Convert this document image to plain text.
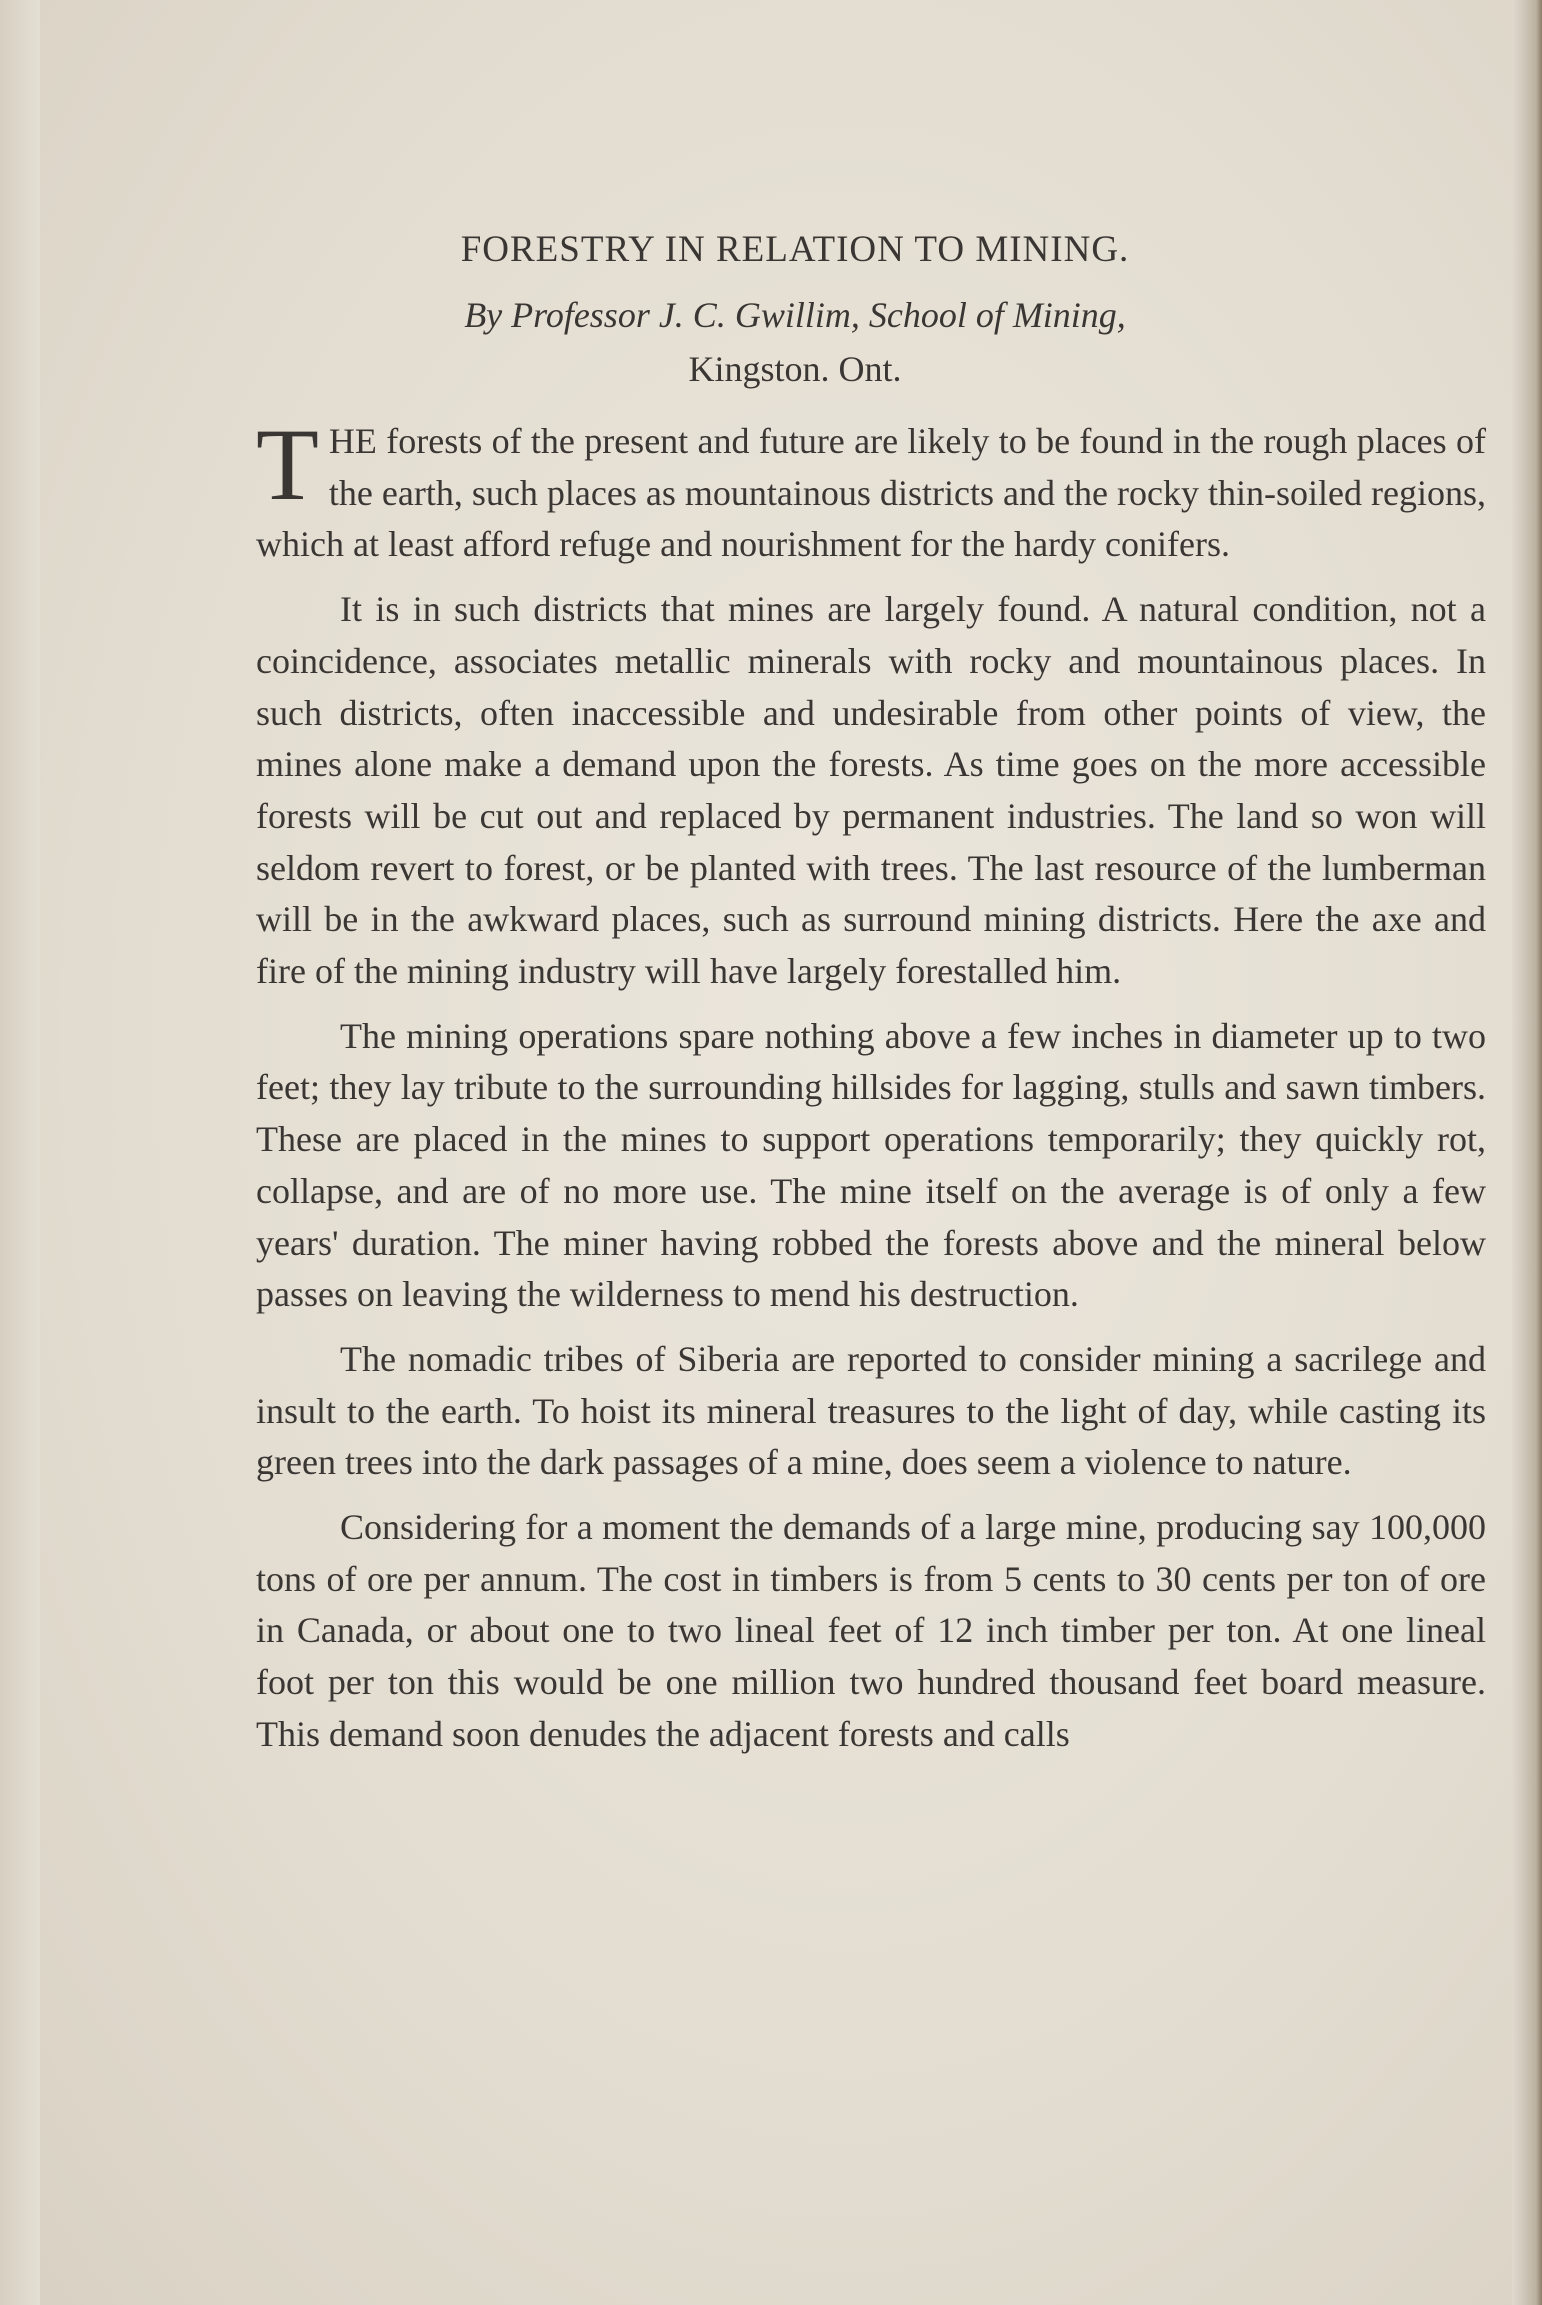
FORESTRY IN RELATION TO MINING.
By Professor J. C. Gwillim, School of Mining,
Kingston. Ont.

THE forests of the present and future are likely to be found in the rough places of the earth, such places as mountainous districts and the rocky thin-soiled regions, which at least afford refuge and nourishment for the hardy conifers.

It is in such districts that mines are largely found. A natural condition, not a coincidence, associates metallic minerals with rocky and mountainous places. In such districts, often inaccessible and undesirable from other points of view, the mines alone make a demand upon the forests. As time goes on the more accessible forests will be cut out and replaced by permanent industries. The land so won will seldom revert to forest, or be planted with trees. The last resource of the lumberman will be in the awkward places, such as surround mining districts. Here the axe and fire of the mining industry will have largely forestalled him.

The mining operations spare nothing above a few inches in diameter up to two feet; they lay tribute to the surrounding hillsides for lagging, stulls and sawn timbers. These are placed in the mines to support operations temporarily; they quickly rot, collapse, and are of no more use. The mine itself on the average is of only a few years' duration. The miner having robbed the forests above and the mineral below passes on leaving the wilderness to mend his destruction.

The nomadic tribes of Siberia are reported to consider mining a sacrilege and insult to the earth. To hoist its mineral treasures to the light of day, while casting its green trees into the dark passages of a mine, does seem a violence to nature.

Considering for a moment the demands of a large mine, producing say 100,000 tons of ore per annum. The cost in timbers is from 5 cents to 30 cents per ton of ore in Canada, or about one to two lineal feet of 12 inch timber per ton. At one lineal foot per ton this would be one million two hundred thousand feet board measure. This demand soon denudes the adjacent forests and calls
